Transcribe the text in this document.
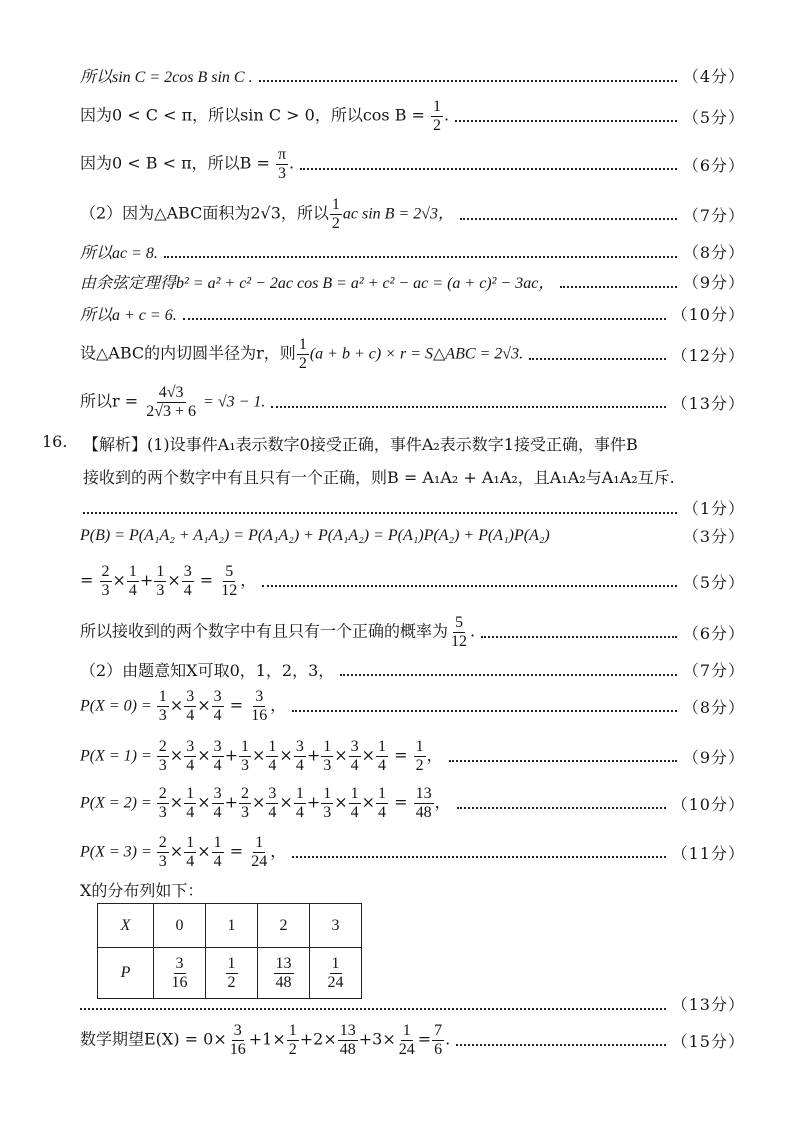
所以sin C = 2cos B sin C .	（4分）
因为0 < C < π，所以sin C > 0，所以$\cos B = \frac{1}{2}$ .	（5分）
因为0 < B < π，所以$B = \frac{\pi}{3}$ .	（6分）
（2）因为△ABC面积为2√3，所以 $\frac{1}{2}$ ac sin B = 2√3，	（7分）
所以ac = 8.	（8分）
由余弦定理得b² = a² + c² − 2ac cos B = a² + c² − ac = (a + c)² − 3ac，	（9分）
所以a + c = 6.	（10分）
设△ABC的内切圆半径为r，则 $\frac{1}{2} (a + b + c) \times r$ = S△ABC = 2√3.	（12分）
所以$r = \frac{4√3}{2√3 + 6} = √3 - 1$.	（13分）
16. 【解析】(1)设事件A₁表示数字0接受正确，事件A₂表示数字1接受正确，事件B
接收到的两个数字中有且只有一个正确，则B = A₁A₂ + A₁A₂，且A₁A₂与A₁A₂互斥.
（1分）
P(B) = P(A₁A₂ + A₁A₂) = P(A₁A₂) + P(A₁A₂) = P(A₁)P(A₂) + P(A₁)P(A₂)	（3分）
= $\frac{2}{3} \times \frac{1}{4} + \frac{1}{3} \times \frac{3}{4} = \frac{5}{12}$ ，	（5分）
所以接收到的两个数字中有且只有一个正确的概率为 $\frac{5}{12}$ .	（6分）
（2）由题意知X可取0，1，2，3，	（7分）
$P(X = 0) = \frac{1}{3} \times \frac{3}{4} \times \frac{3}{4} = \frac{3}{16}$ ，	（8分）
$P(X = 1) = \frac{2}{3} \times \frac{3}{4} \times \frac{3}{4} + \frac{1}{3} \times \frac{1}{4} \times \frac{3}{4} + \frac{1}{3} \times \frac{3}{4} \times \frac{1}{4} = \frac{1}{2}$ ，	（9分）
$P(X = 2) = \frac{2}{3} \times \frac{1}{4} \times \frac{3}{4} + \frac{2}{3} \times \frac{3}{4} \times \frac{1}{4} + \frac{1}{3} \times \frac{1}{4} \times \frac{1}{4} = \frac{13}{48}$ ，	（10分）
$P(X = 3) = \frac{2}{3} \times \frac{1}{4} \times \frac{1}{4} = \frac{1}{24}$ ，	（11分）
X的分布列如下：
X	0	1	2	3
P	$\frac{3}{16}$	$\frac{1}{2}$	$\frac{13}{48}$	$\frac{1}{24}$
（13分）
数学期望$E(X) = 0\times \frac{3}{16} +1\times \frac{1}{2} +2\times \frac{13}{48} +3\times \frac{1}{24} = \frac{7}{6}$ .	（15分）
